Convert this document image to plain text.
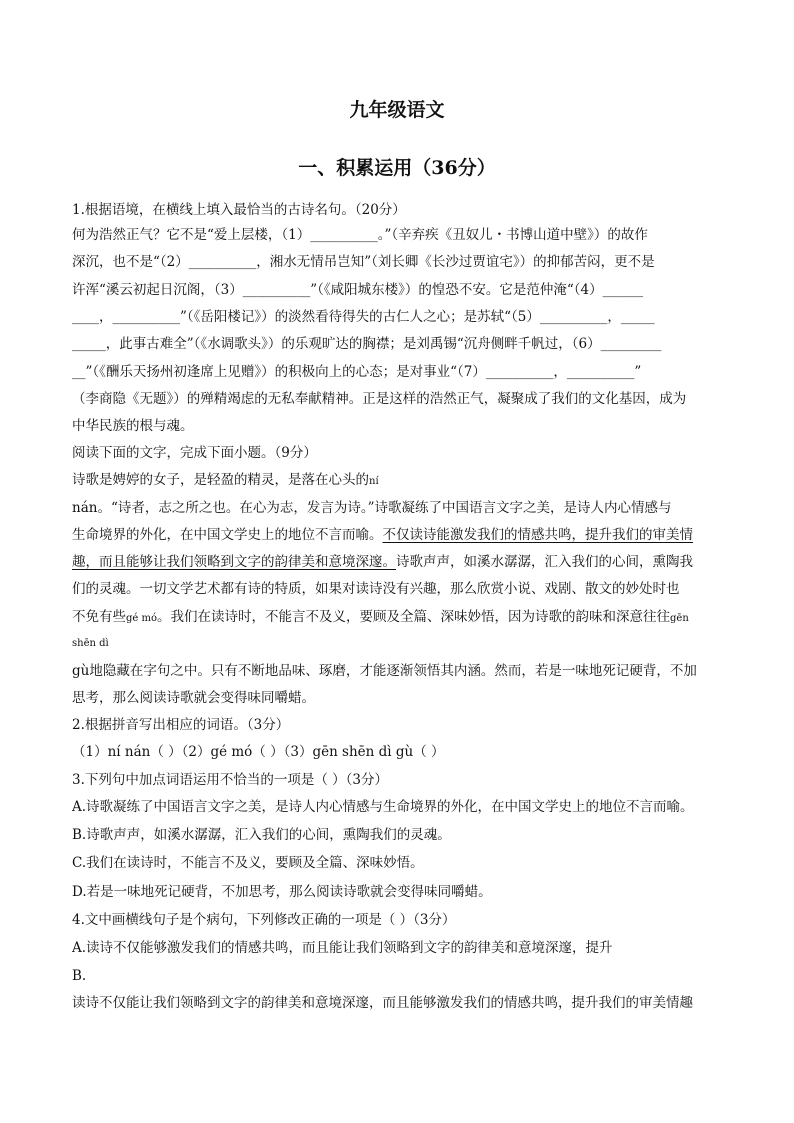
九年级语文
一、积累运用（36分）
1.根据语境，在横线上填入最恰当的古诗名句。（20分）
何为浩然正气？它不是“爱上层楼，（1）__________。”（辛弃疾《丑奴儿・书博山道中壁》）的故作
深沉，也不是“（2）__________，湘水无情吊岂知”（刘长卿《长沙过贾谊宅》）的抑郁苦闷，更不是
许浑“溪云初起日沉阁，（3）__________”（《咸阳城东楼》）的惶恐不安。它是范仲淹“（4）______
____，__________”（《岳阳楼记》）的淡然看待得失的古仁人之心；是苏轼“（5）__________，_____
_____，此事古难全”（《水调歌头》）的乐观旷达的胸襟；是刘禹锡“沉舟侧畔千帆过，（6）_________
__”（《酬乐天扬州初逢席上见赠》）的积极向上的心态；是对事业“（7）__________，__________”
（李商隐《无题》）的殚精竭虑的无私奉献精神。正是这样的浩然正气，凝聚成了我们的文化基因，成为
中华民族的根与魂。
阅读下面的文字，完成下面小题。（9分）
诗歌是娉婷的女子，是轻盈的精灵，是落在心头的ní
nán。“诗者，志之所之也。在心为志，发言为诗。”诗歌凝练了中国语言文字之美，是诗人内心情感与
生命境界的外化，在中国文学史上的地位不言而喻。不仅读诗能激发我们的情感共鸣，提升我们的审美情
趣，而且能够让我们领略到文字的韵律美和意境深邃。诗歌声声，如溪水潺潺，汇入我们的心间，熏陶我
们的灵魂。一切文学艺术都有诗的特质，如果对读诗没有兴趣，那么欣赏小说、戏剧、散文的妙处时也
不免有些gé mó。我们在读诗时，不能言不及义，要顾及全篇、深味妙悟，因为诗歌的韵味和深意往往gēn
shēn dì
gù地隐藏在字句之中。只有不断地品味、琢磨，才能逐渐领悟其内涵。然而，若是一味地死记硬背，不加
思考，那么阅读诗歌就会变得味同嚼蜡。
2.根据拼音写出相应的词语。（3分）
（1）ní nán（ ）（2）gé mó（ ）（3）gēn shēn dì gù（ ）
3.下列句中加点词语运用不恰当的一项是（ ）（3分）
A.诗歌凝练了中国语言文字之美，是诗人内心情感与生命境界的外化，在中国文学史上的地位不言而喻。
B.诗歌声声，如溪水潺潺，汇入我们的心间，熏陶我们的灵魂。
C.我们在读诗时，不能言不及义，要顾及全篇、深味妙悟。
D.若是一味地死记硬背，不加思考，那么阅读诗歌就会变得味同嚼蜡。
4.文中画横线句子是个病句，下列修改正确的一项是（ ）（3分）
A.读诗不仅能够激发我们的情感共鸣，而且能让我们领略到文字的韵律美和意境深邃，提升
B.
读诗不仅能让我们领略到文字的韵律美和意境深邃，而且能够激发我们的情感共鸣，提升我们的审美情趣
